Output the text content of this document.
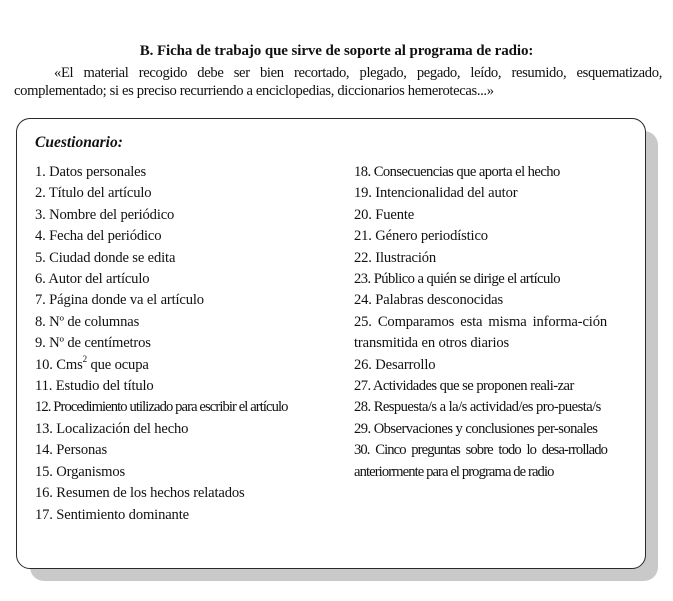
B. Ficha de trabajo que sirve de soporte al programa de radio:
«El material recogido debe ser bien recortado, plegado, pegado, leído, resumido, esquematizado, complementado; si es preciso recurriendo a enciclopedias, diccionarios hemerotecas...»
Cuestionario:
1. Datos personales
2. Título del artículo
3. Nombre del periódico
4. Fecha del periódico
5. Ciudad donde se edita
6. Autor del artículo
7. Página donde va el artículo
8. Nº de columnas
9. Nº de centímetros
10. Cms$^2$ que ocupa
11. Estudio del título
12. Procedimiento utilizado para escribir el artículo
13. Localización del hecho
14. Personas
15. Organismos
16. Resumen de los hechos relatados
17. Sentimiento dominante
18. Consecuencias que aporta el hecho
19. Intencionalidad del autor
20. Fuente
21. Género periodístico
22. Ilustración
23. Público a quién se dirige el artículo
24. Palabras desconocidas
25. Comparamos esta misma informa-ción transmitida en otros diarios
26. Desarrollo
27. Actividades que se proponen reali-zar
28. Respuesta/s a la/s actividad/es pro-puesta/s
29. Observaciones y conclusiones per-sonales
30. Cinco preguntas sobre todo lo desa-rrollado anteriormente para el programa de radio
